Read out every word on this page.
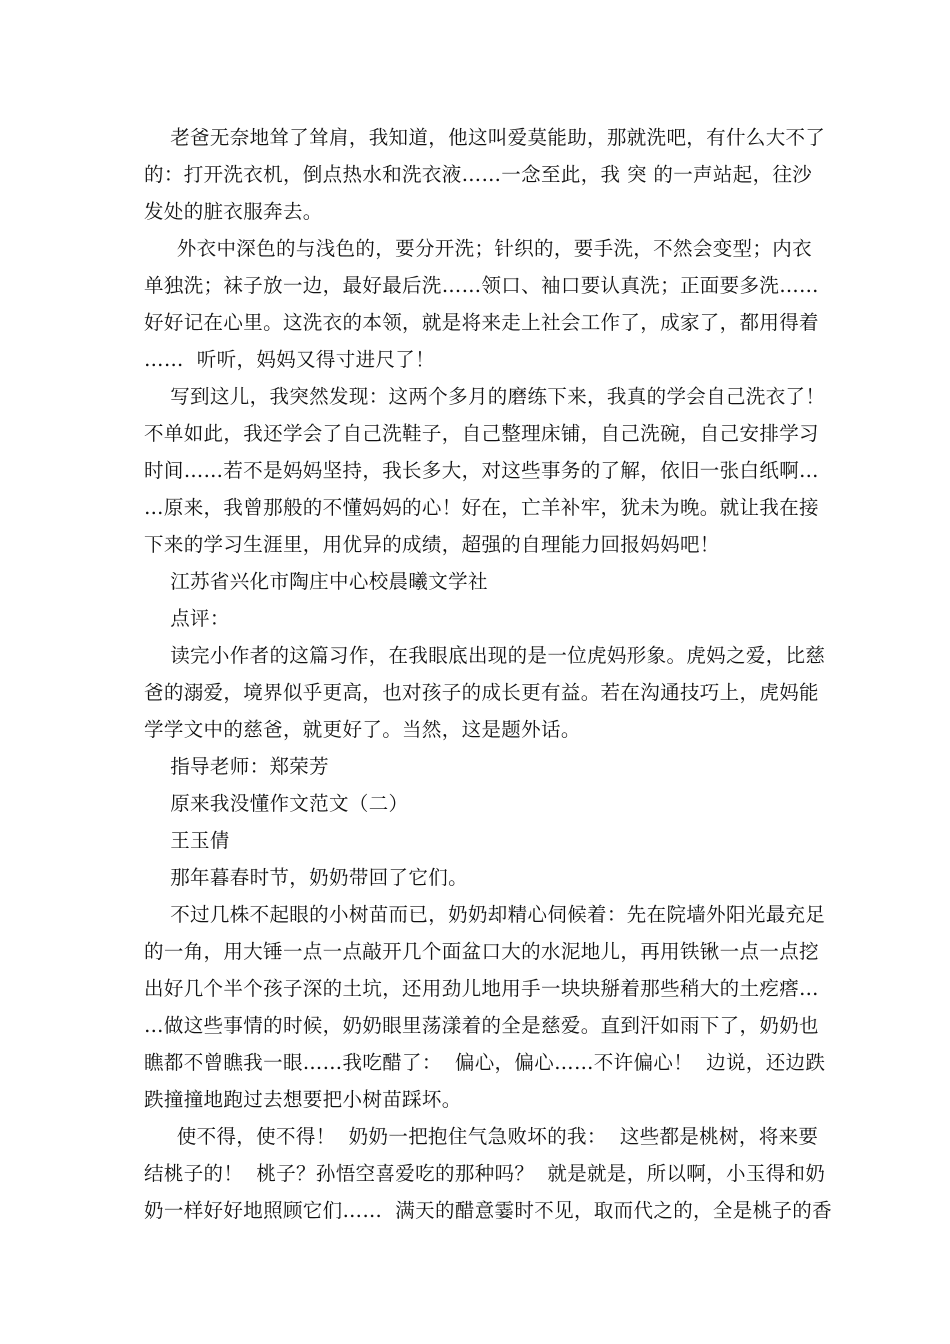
老爸无奈地耸了耸肩，我知道，他这叫爱莫能助，那就洗吧，有什么大不了
的：打开洗衣机，倒点热水和洗衣液……一念至此，我 突 的一声站起，往沙
发处的脏衣服奔去。
外衣中深色的与浅色的，要分开洗；针织的，要手洗，不然会变型；内衣
单独洗；袜子放一边，最好最后洗……领口、袖口要认真洗；正面要多洗……
好好记在心里。这洗衣的本领，就是将来走上社会工作了，成家了，都用得着
……  听听，妈妈又得寸进尺了！
写到这儿，我突然发现：这两个多月的磨练下来，我真的学会自己洗衣了！
不单如此，我还学会了自己洗鞋子，自己整理床铺，自己洗碗，自己安排学习
时间……若不是妈妈坚持，我长多大，对这些事务的了解，依旧一张白纸啊…
…原来，我曾那般的不懂妈妈的心！好在，亡羊补牢，犹未为晚。就让我在接
下来的学习生涯里，用优异的成绩，超强的自理能力回报妈妈吧！
江苏省兴化市陶庄中心校晨曦文学社
点评：
读完小作者的这篇习作，在我眼底出现的是一位虎妈形象。虎妈之爱，比慈
爸的溺爱，境界似乎更高，也对孩子的成长更有益。若在沟通技巧上，虎妈能
学学文中的慈爸，就更好了。当然，这是题外话。
指导老师：郑荣芳
原来我没懂作文范文（二）
王玉倩
那年暮春时节，奶奶带回了它们。
不过几株不起眼的小树苗而已，奶奶却精心伺候着：先在院墙外阳光最充足
的一角，用大锤一点一点敲开几个面盆口大的水泥地儿，再用铁锹一点一点挖
出好几个半个孩子深的土坑，还用劲儿地用手一块块掰着那些稍大的土疙瘩…
…做这些事情的时候，奶奶眼里荡漾着的全是慈爱。直到汗如雨下了，奶奶也
瞧都不曾瞧我一眼……我吃醋了：  偏心，偏心……不许偏心！  边说，还边跌
跌撞撞地跑过去想要把小树苗踩坏。
使不得，使不得！  奶奶一把抱住气急败坏的我：  这些都是桃树，将来要
结桃子的！  桃子？孙悟空喜爱吃的那种吗？  就是就是，所以啊，小玉得和奶
奶一样好好地照顾它们……  满天的醋意霎时不见，取而代之的，全是桃子的香
